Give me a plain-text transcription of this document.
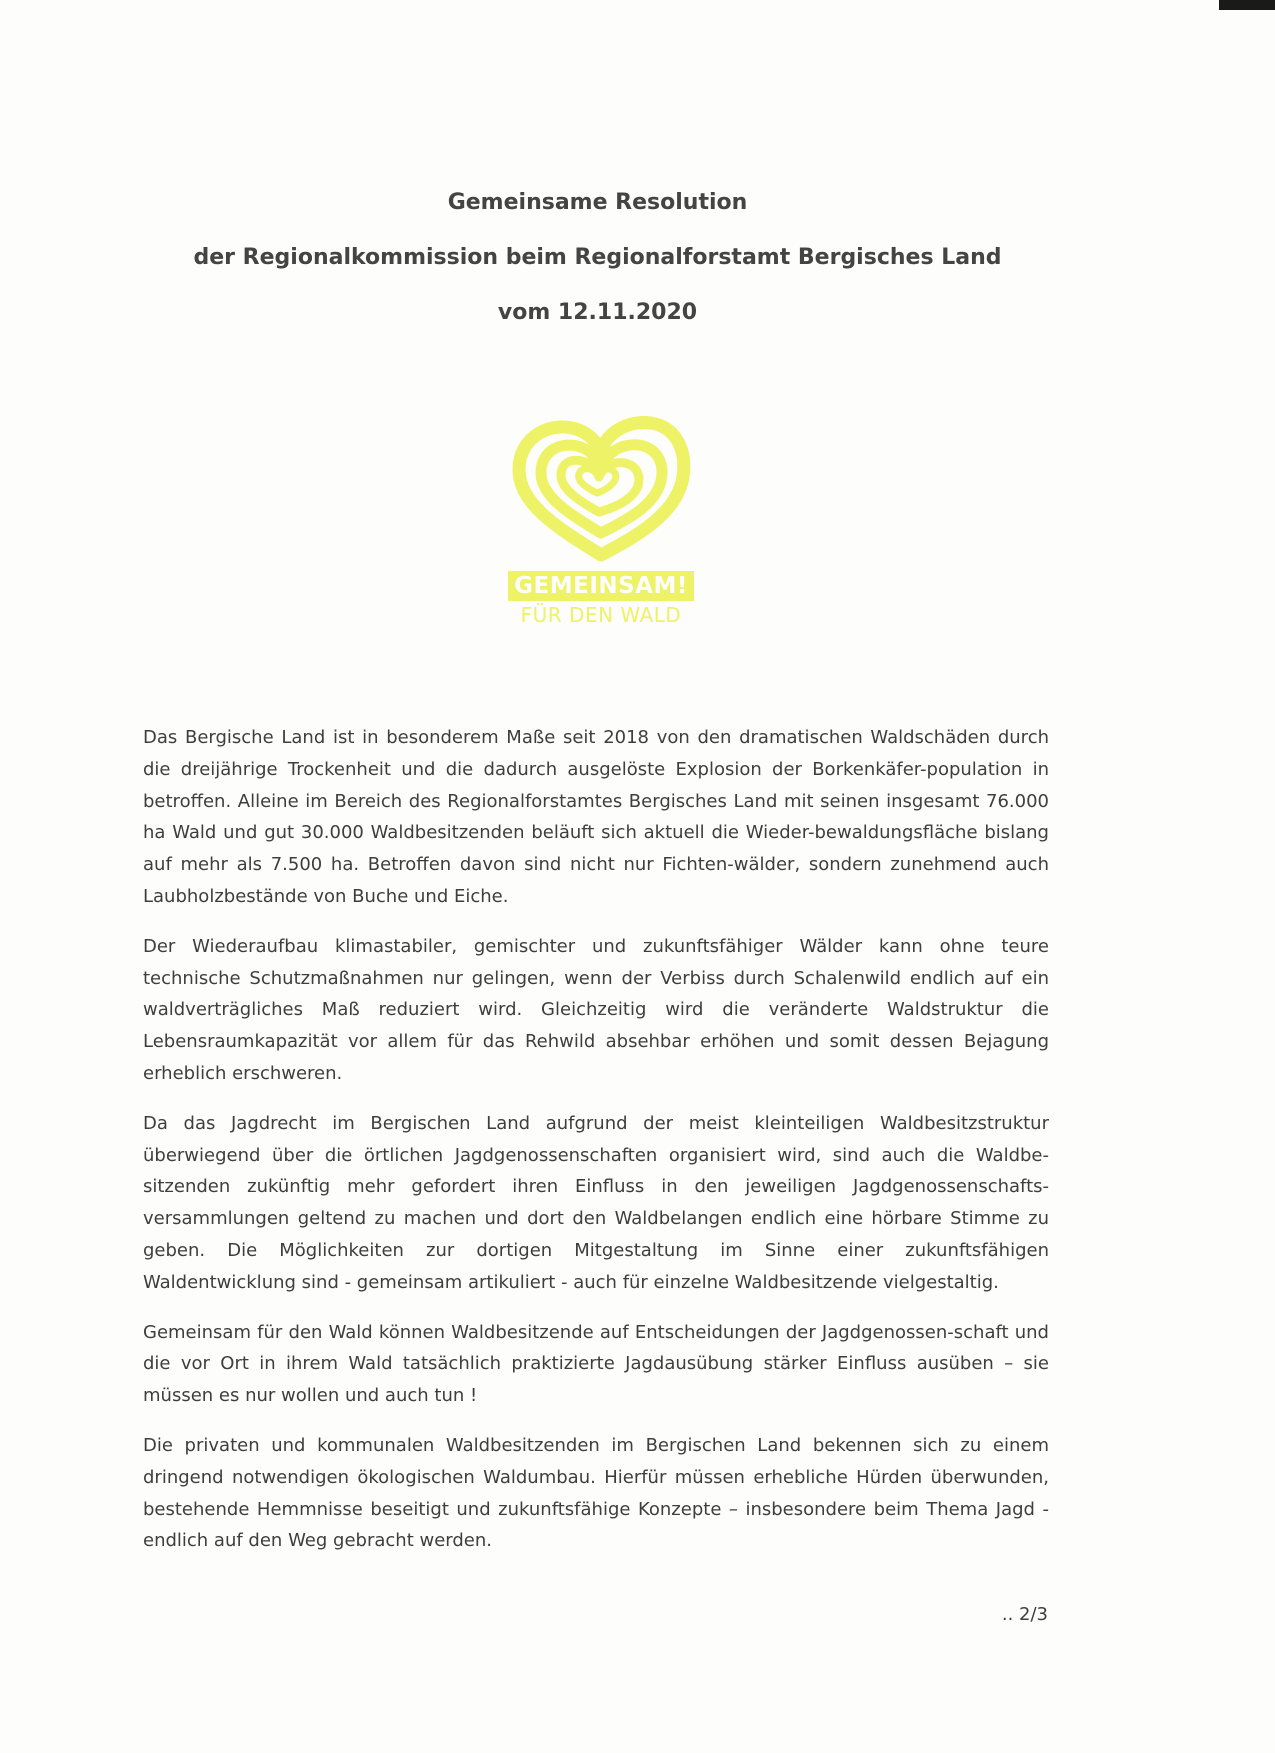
Gemeinsame Resolution
der Regionalkommission beim Regionalforstamt Bergisches Land
vom 12.11.2020
GEMEINSAM!
FÜR DEN WALD

Das Bergische Land ist in besonderem Maße seit 2018 von den dramatischen Waldschäden durch die dreijährige Trockenheit und die dadurch ausgelöste Explosion der Borkenkäfer-population in betroffen. Alleine im Bereich des Regionalforstamtes Bergisches Land mit seinen insgesamt 76.000 ha Wald und gut 30.000 Waldbesitzenden beläuft sich aktuell die Wieder-bewaldungsfläche bislang auf mehr als 7.500 ha. Betroffen davon sind nicht nur Fichten-wälder, sondern zunehmend auch Laubholzbestände von Buche und Eiche.

Der Wiederaufbau klimastabiler, gemischter und zukunftsfähiger Wälder kann ohne teure technische Schutzmaßnahmen nur gelingen, wenn der Verbiss durch Schalenwild endlich auf ein waldverträgliches Maß reduziert wird. Gleichzeitig wird die veränderte Waldstruktur die Lebensraumkapazität vor allem für das Rehwild absehbar erhöhen und somit dessen Bejagung erheblich erschweren.

Da das Jagdrecht im Bergischen Land aufgrund der meist kleinteiligen Waldbesitzstruktur überwiegend über die örtlichen Jagdgenossenschaften organisiert wird, sind auch die Waldbe-sitzenden zukünftig mehr gefordert ihren Einfluss in den jeweiligen Jagdgenossenschafts-versammlungen geltend zu machen und dort den Waldbelangen endlich eine hörbare Stimme zu geben. Die Möglichkeiten zur dortigen Mitgestaltung im Sinne einer zukunftsfähigen Waldentwicklung sind - gemeinsam artikuliert - auch für einzelne Waldbesitzende vielgestaltig.

Gemeinsam für den Wald können Waldbesitzende auf Entscheidungen der Jagdgenossen-schaft und die vor Ort in ihrem Wald tatsächlich praktizierte Jagdausübung stärker Einfluss ausüben – sie müssen es nur wollen und auch tun !

Die privaten und kommunalen Waldbesitzenden im Bergischen Land bekennen sich zu einem dringend notwendigen ökologischen Waldumbau. Hierfür müssen erhebliche Hürden überwunden, bestehende Hemmnisse beseitigt und zukunftsfähige Konzepte – insbesondere beim Thema Jagd - endlich auf den Weg gebracht werden.

.. 2/3
